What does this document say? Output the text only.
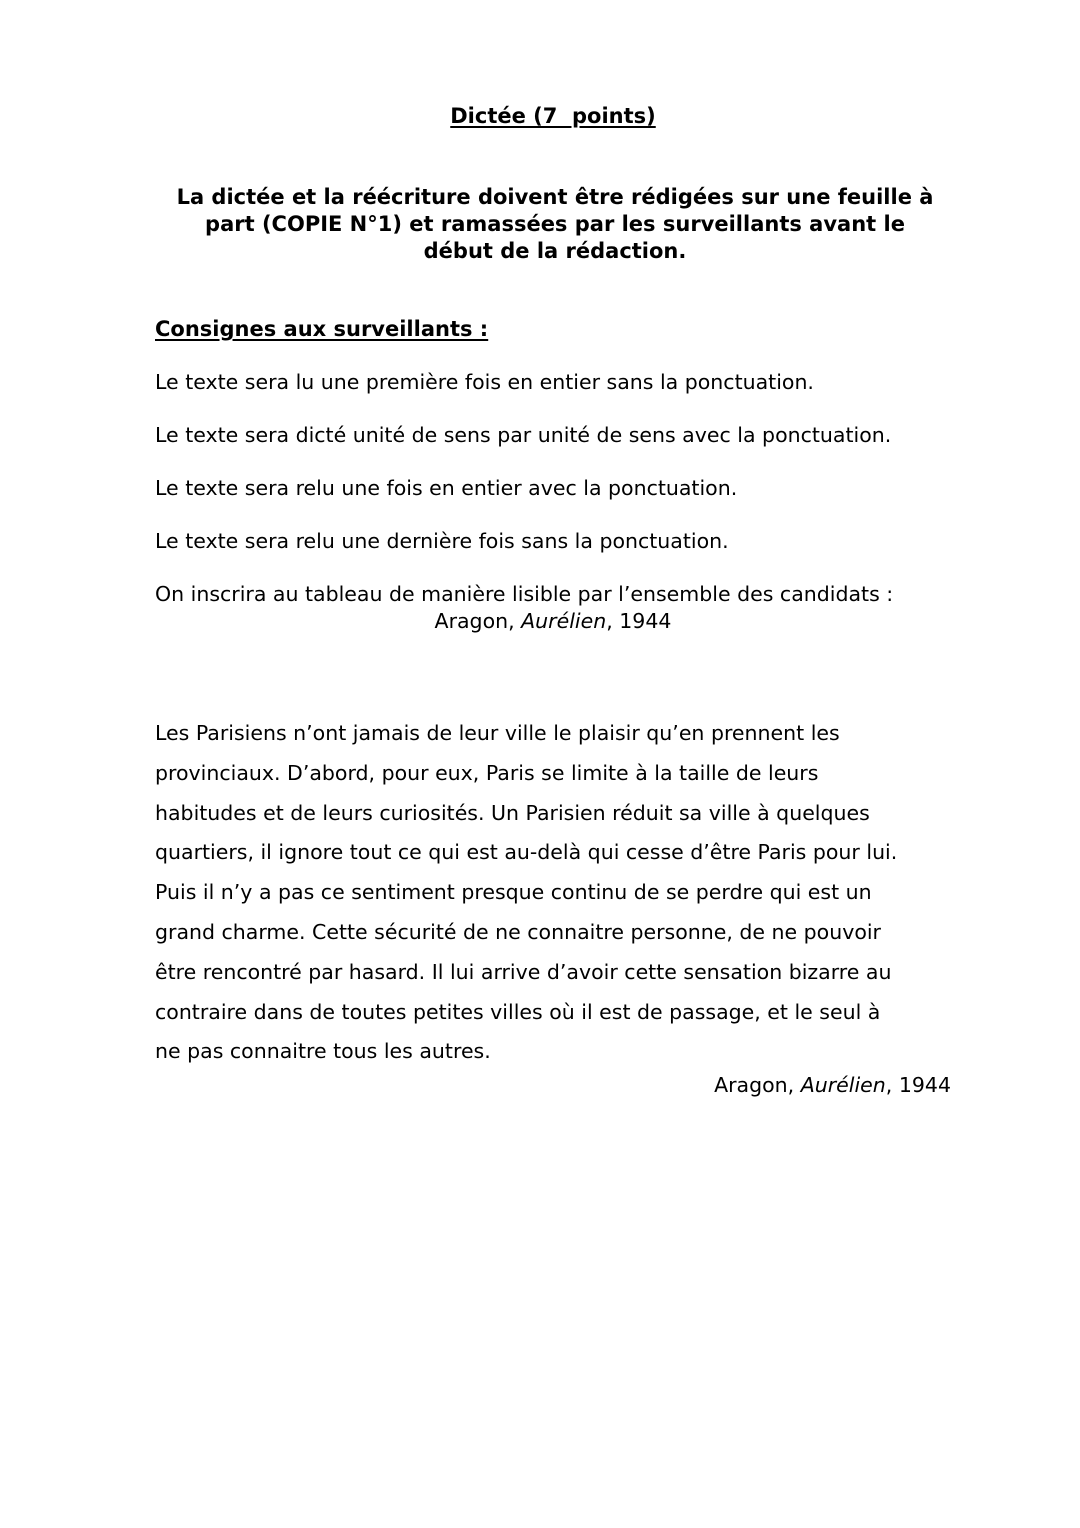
Dictée (7  points)
La dictée et la réécriture doivent être rédigées sur une feuille à
part (COPIE N°1) et ramassées par les surveillants avant le
début de la rédaction.
Consignes aux surveillants :
Le texte sera lu une première fois en entier sans la ponctuation.
Le texte sera dicté unité de sens par unité de sens avec la ponctuation.
Le texte sera relu une fois en entier avec la ponctuation.
Le texte sera relu une dernière fois sans la ponctuation.
On inscrira au tableau de manière lisible par l’ensemble des candidats :
Aragon, Aurélien, 1944
Les Parisiens n’ont jamais de leur ville le plaisir qu’en prennent les
provinciaux. D’abord, pour eux, Paris se limite à la taille de leurs
habitudes et de leurs curiosités. Un Parisien réduit sa ville à quelques
quartiers, il ignore tout ce qui est au-delà qui cesse d’être Paris pour lui.
Puis il n’y a pas ce sentiment presque continu de se perdre qui est un
grand charme. Cette sécurité de ne connaitre personne, de ne pouvoir
être rencontré par hasard. Il lui arrive d’avoir cette sensation bizarre au
contraire dans de toutes petites villes où il est de passage, et le seul à
ne pas connaitre tous les autres.
Aragon, Aurélien, 1944
